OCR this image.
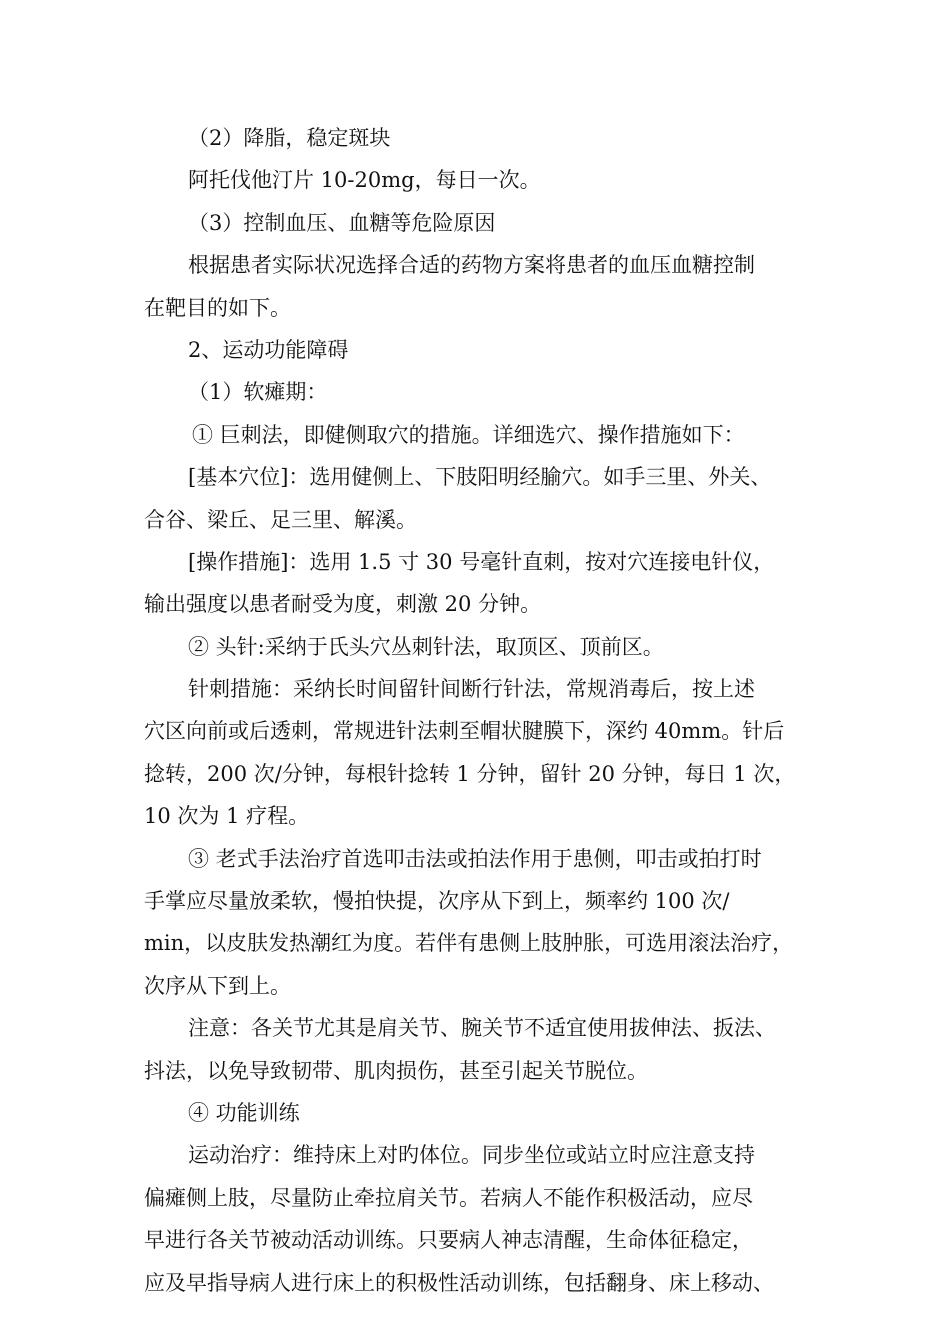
（2）降脂，稳定斑块
阿托伐他汀片 10-20mg，每日一次。
（3）控制血压、血糖等危险原因
根据患者实际状况选择合适的药物方案将患者的血压血糖控制
在靶目的如下。
2、运动功能障碍
（1）软瘫期：
① 巨刺法，即健侧取穴的措施。详细选穴、操作措施如下：
[基本穴位]：选用健侧上、下肢阳明经腧穴。如手三里、外关、
合谷、梁丘、足三里、解溪。
[操作措施]：选用 1.5 寸 30 号毫针直刺，按对穴连接电针仪，
输出强度以患者耐受为度，刺激 20 分钟。
② 头针:采纳于氏头穴丛刺针法，取顶区、顶前区。
针刺措施：采纳长时间留针间断行针法，常规消毒后，按上述
穴区向前或后透刺，常规进针法刺至帽状腱膜下，深约 40mm。针后
捻转，200 次/分钟，每根针捻转 1 分钟，留针 20 分钟，每日 1 次，
10 次为 1 疗程。
③ 老式手法治疗首选叩击法或拍法作用于患侧，叩击或拍打时
手掌应尽量放柔软，慢拍快提，次序从下到上，频率约 100 次/
min，以皮肤发热潮红为度。若伴有患侧上肢肿胀，可选用滚法治疗，
次序从下到上。
注意：各关节尤其是肩关节、腕关节不适宜使用拔伸法、扳法、
抖法，以免导致韧带、肌肉损伤，甚至引起关节脱位。
④ 功能训练
运动治疗：维持床上对旳体位。同步坐位或站立时应注意支持
偏瘫侧上肢，尽量防止牵拉肩关节。若病人不能作积极活动，应尽
早进行各关节被动活动训练。只要病人神志清醒，生命体征稳定，
应及早指导病人进行床上的积极性活动训练，包括翻身、床上移动、
